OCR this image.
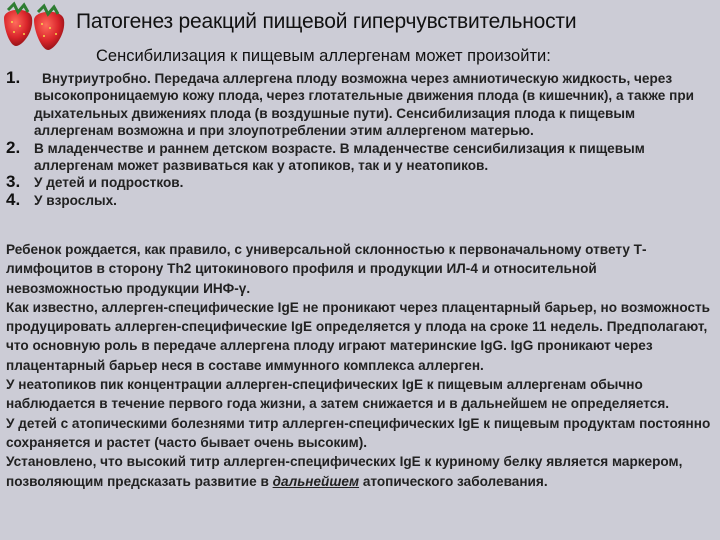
Патогенез реакций пищевой гиперчувствительности
Сенсибилизация к пищевым аллергенам может произойти:
1.	Внутриутробно. Передача аллергена плоду возможна через амниотическую жидкость, через высокопроницаемую кожу плода, через глотательные движения плода (в кишечник), а также при дыхательных движениях плода (в воздушные пути). Сенсибилизация плода к пищевым аллергенам возможна и при злоупотреблении этим аллергеном матерью.
2. В младенчестве и раннем детском возрасте. В младенчестве сенсибилизация к пищевым аллергенам может развиваться как у атопиков, так и у неатопиков.
3. У детей и подростков.
4. У взрослых.

Ребенок рождается, как правило, с универсальной склонностью к первоначальному ответу Т-лимфоцитов в сторону Th2 цитокинового профиля и продукции ИЛ-4 и относительной невозможностью продукции ИНФ-γ.

Как известно, аллерген-специфические IgE не проникают через плацентарный барьер, но возможность продуцировать аллерген-специфические IgE определяется у плода на сроке 11 недель. Предполагают, что основную роль в передаче аллергена плоду играют материнские IgG. IgG проникают через плацентарный барьер неся в составе иммунного комплекса аллерген.

У неатопиков пик концентрации аллерген-специфических IgE к пищевым аллергенам обычно наблюдается в течение первого года жизни, а затем снижается и в дальнейшем не определяется.

У детей с атопическими болезнями титр аллерген-специфических IgE к пищевым продуктам постоянно сохраняется и растет (часто бывает очень высоким).

Установлено, что высокий титр аллерген-специфических IgE к куриному белку является маркером, позволяющим предсказать развитие в дальнейшем атопического заболевания.
